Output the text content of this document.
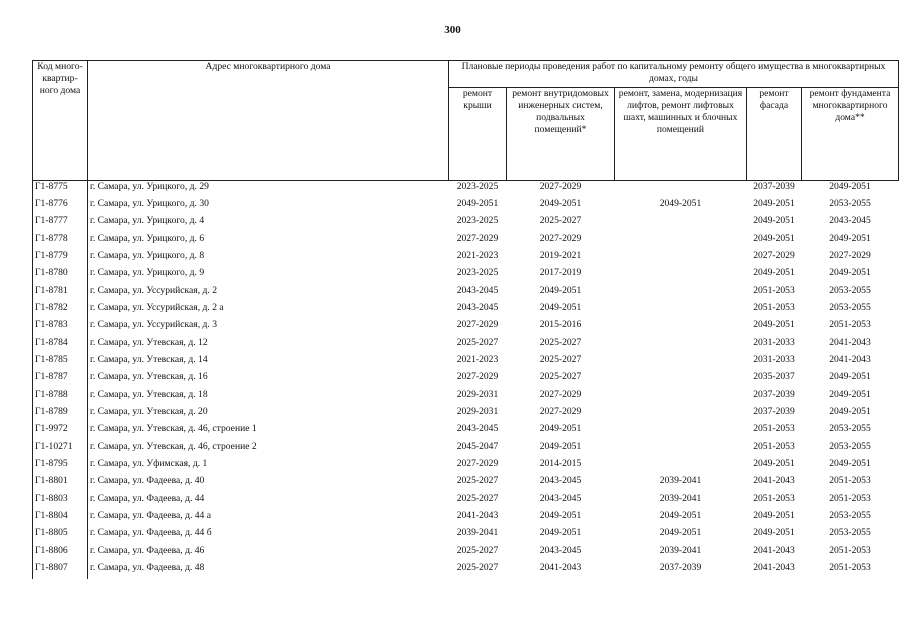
300
Код много-квартир-ного дома	Адрес многоквартирного дома	Плановые периоды проведения работ по капитальному ремонту общего имущества в многоквартирных домах, годы				
		ремонт крыши	ремонт внутридомовых инженерных систем, подвальных помещений*	ремонт, замена, модернизация лифтов, ремонт лифтовых шахт, машинных и блочных помещений	ремонт фасада	ремонт фундамента многоквартирного дома**
Г1-8775	г. Самара, ул. Урицкого, д. 29	2023-2025	2027-2029		2037-2039	2049-2051
Г1-8776	г. Самара, ул. Урицкого, д. 30	2049-2051	2049-2051	2049-2051	2049-2051	2053-2055
Г1-8777	г. Самара, ул. Урицкого, д. 4	2023-2025	2025-2027		2049-2051	2043-2045
Г1-8778	г. Самара, ул. Урицкого, д. 6	2027-2029	2027-2029		2049-2051	2049-2051
Г1-8779	г. Самара, ул. Урицкого, д. 8	2021-2023	2019-2021		2027-2029	2027-2029
Г1-8780	г. Самара, ул. Урицкого, д. 9	2023-2025	2017-2019		2049-2051	2049-2051
Г1-8781	г. Самара, ул. Уссурийская, д. 2	2043-2045	2049-2051		2051-2053	2053-2055
Г1-8782	г. Самара, ул. Уссурийская, д. 2 а	2043-2045	2049-2051		2051-2053	2053-2055
Г1-8783	г. Самара, ул. Уссурийская, д. 3	2027-2029	2015-2016		2049-2051	2051-2053
Г1-8784	г. Самара, ул. Утевская, д. 12	2025-2027	2025-2027		2031-2033	2041-2043
Г1-8785	г. Самара, ул. Утевская, д. 14	2021-2023	2025-2027		2031-2033	2041-2043
Г1-8787	г. Самара, ул. Утевская, д. 16	2027-2029	2025-2027		2035-2037	2049-2051
Г1-8788	г. Самара, ул. Утевская, д. 18	2029-2031	2027-2029		2037-2039	2049-2051
Г1-8789	г. Самара, ул. Утевская, д. 20	2029-2031	2027-2029		2037-2039	2049-2051
Г1-9972	г. Самара, ул. Утевская, д. 46, строение 1	2043-2045	2049-2051		2051-2053	2053-2055
Г1-10271	г. Самара, ул. Утевская, д. 46, строение 2	2045-2047	2049-2051		2051-2053	2053-2055
Г1-8795	г. Самара, ул. Уфимская, д. 1	2027-2029	2014-2015		2049-2051	2049-2051
Г1-8801	г. Самара, ул. Фадеева, д. 40	2025-2027	2043-2045	2039-2041	2041-2043	2051-2053
Г1-8803	г. Самара, ул. Фадеева, д. 44	2025-2027	2043-2045	2039-2041	2051-2053	2051-2053
Г1-8804	г. Самара, ул. Фадеева, д. 44 а	2041-2043	2049-2051	2049-2051	2049-2051	2053-2055
Г1-8805	г. Самара, ул. Фадеева, д. 44 б	2039-2041	2049-2051	2049-2051	2049-2051	2053-2055
Г1-8806	г. Самара, ул. Фадеева, д. 46	2025-2027	2043-2045	2039-2041	2041-2043	2051-2053
Г1-8807	г. Самара, ул. Фадеева, д. 48	2025-2027	2041-2043	2037-2039	2041-2043	2051-2053
